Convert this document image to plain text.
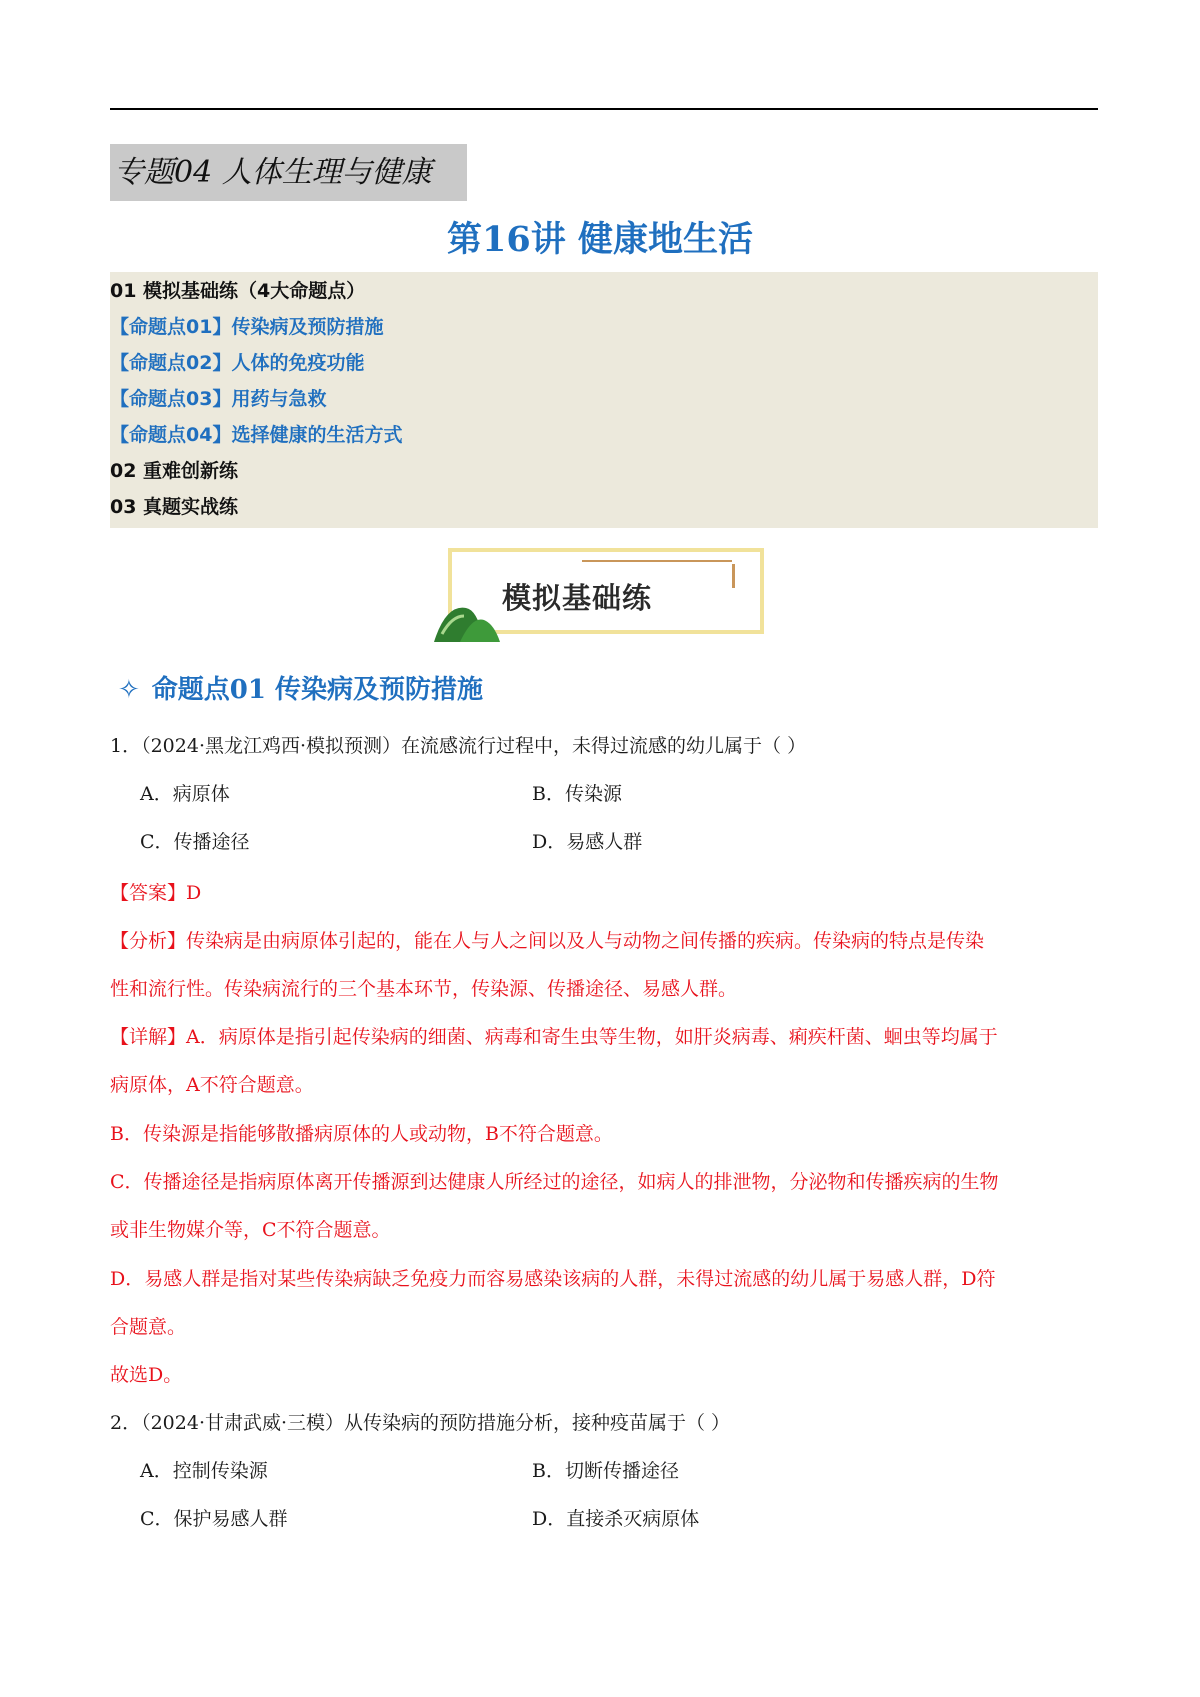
专题04 人体生理与健康
第16讲 健康地生活
01 模拟基础练（4大命题点）
【命题点01】传染病及预防措施
【命题点02】人体的免疫功能
【命题点03】用药与急救
【命题点04】选择健康的生活方式
02 重难创新练
03 真题实战练
模拟基础练
✧ 命题点01 传染病及预防措施
1．（2024·黑龙江鸡西·模拟预测）在流感流行过程中，未得过流感的幼儿属于（ ）
A．病原体	B．传染源
C．传播途径	D．易感人群
【答案】D
【分析】传染病是由病原体引起的，能在人与人之间以及人与动物之间传播的疾病。传染病的特点是传染
性和流行性。传染病流行的三个基本环节，传染源、传播途径、易感人群。
【详解】A．病原体是指引起传染病的细菌、病毒和寄生虫等生物，如肝炎病毒、痢疾杆菌、蛔虫等均属于
病原体，A不符合题意。
B．传染源是指能够散播病原体的人或动物，B不符合题意。
C．传播途径是指病原体离开传播源到达健康人所经过的途径，如病人的排泄物，分泌物和传播疾病的生物
或非生物媒介等，C不符合题意。
D．易感人群是指对某些传染病缺乏免疫力而容易感染该病的人群，未得过流感的幼儿属于易感人群，D符
合题意。
故选D。
2．（2024·甘肃武威·三模）从传染病的预防措施分析，接种疫苗属于（ ）
A．控制传染源	B．切断传播途径
C．保护易感人群	D．直接杀灭病原体
